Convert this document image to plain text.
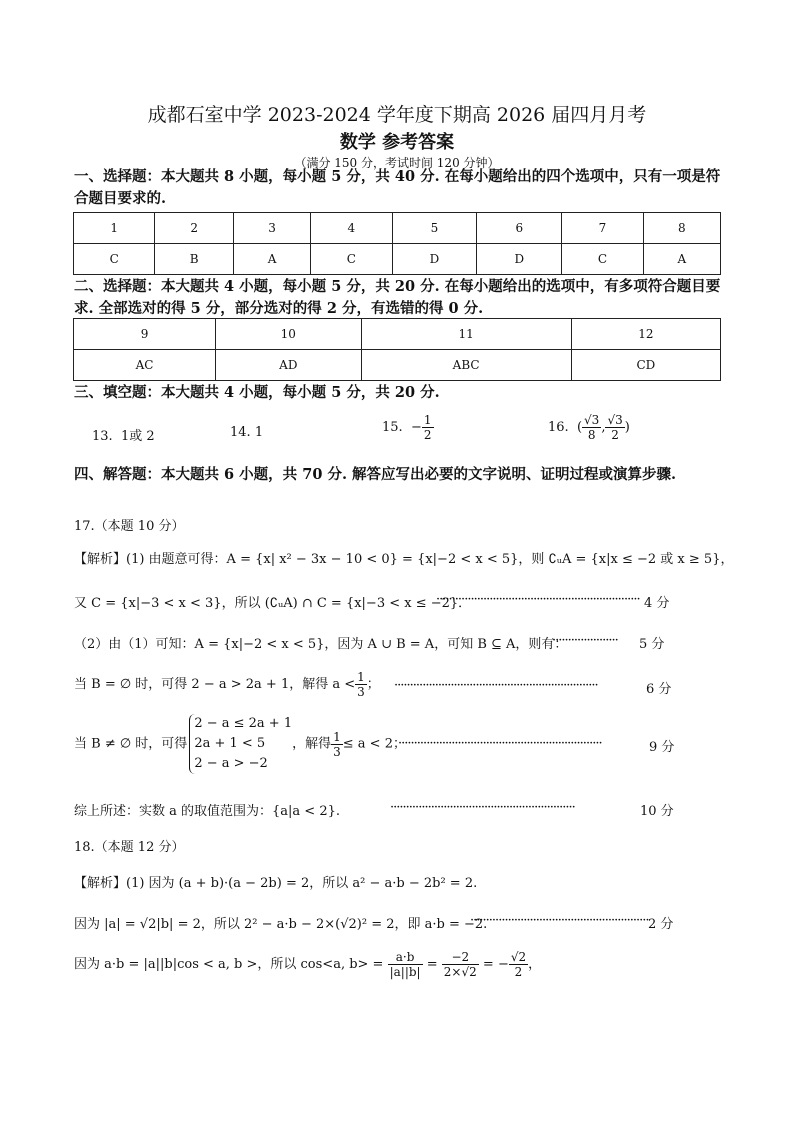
成都石室中学 2023-2024 学年度下期高 2026 届四月月考
数学 参考答案
（满分 150 分，考试时间 120 分钟）
一、选择题：本大题共 8 小题，每小题 5 分，共 40 分. 在每小题给出的四个选项中，只有一项是符合题目要求的.
1	2	3	4	5	6	7	8
C	B	A	C	D	D	C	A
二、选择题：本大题共 4 小题，每小题 5 分，共 20 分. 在每小题给出的选项中，有多项符合题目要求. 全部选对的得 5 分，部分选对的得 2 分，有选错的得 0 分.
9	10	11	12
AC	AD	ABC	CD
三、填空题：本大题共 4 小题，每小题 5 分，共 20 分.
13. 1或 2	14. 1	15. − $\frac{1}{2}$	16. ( $\frac{√3}{8}$ , $\frac{√3}{2}$ )
四、解答题：本大题共 6 小题，共 70 分. 解答应写出必要的文字说明、证明过程或演算步骤.
17.（本题 10 分）
【解析】(1) 由题意可得：A = {x| x² − 3x − 10 < 0} = {x|−2 < x < 5}，则 ∁ᵤA = {x|x ≤ −2 或 x ≥ 5}，
又 C = {x|−3 < x < 3}，所以 (∁ᵤA) ∩ C = {x|−3 < x ≤ −2}．
································································· 4 分
（2）由（1）可知：A = {x|−2 < x < 5}，因为 A ∪ B = A，可知 B ⊆ A，则有：
····················· 5 分
当 B = ∅ 时，可得 2 − a > 2a + 1，解得 $a < \frac{1}{3}$ ； ·································································	6 分
当 B ≠ ∅ 时，可得
2 − a ≤ 2a + 1
2a + 1 < 5
2 − a > −2
，解得 $\frac{1}{3} \le a < 2$；
·································································	9 分
综上所述：实数 a 的取值范围为：{a|a < 2}.	···························································	10 分
18.（本题 12 分）
【解析】(1) 因为 (a + b)·(a − 2b) = 2，所以 a² − a·b − 2b² = 2.
因为 |a| = √2|b| = 2，所以 2² − a·b − 2×(√2)² = 2，即 a·b = −2.
························································· 2 分
因为 a·b = |a||b|cos < a, b >，所以 cos<a, $b> = \frac{a\cdot b}{|a||b|} = \frac{-2}{2\times√2}$ = − $\frac{√2}{2}$ ，
